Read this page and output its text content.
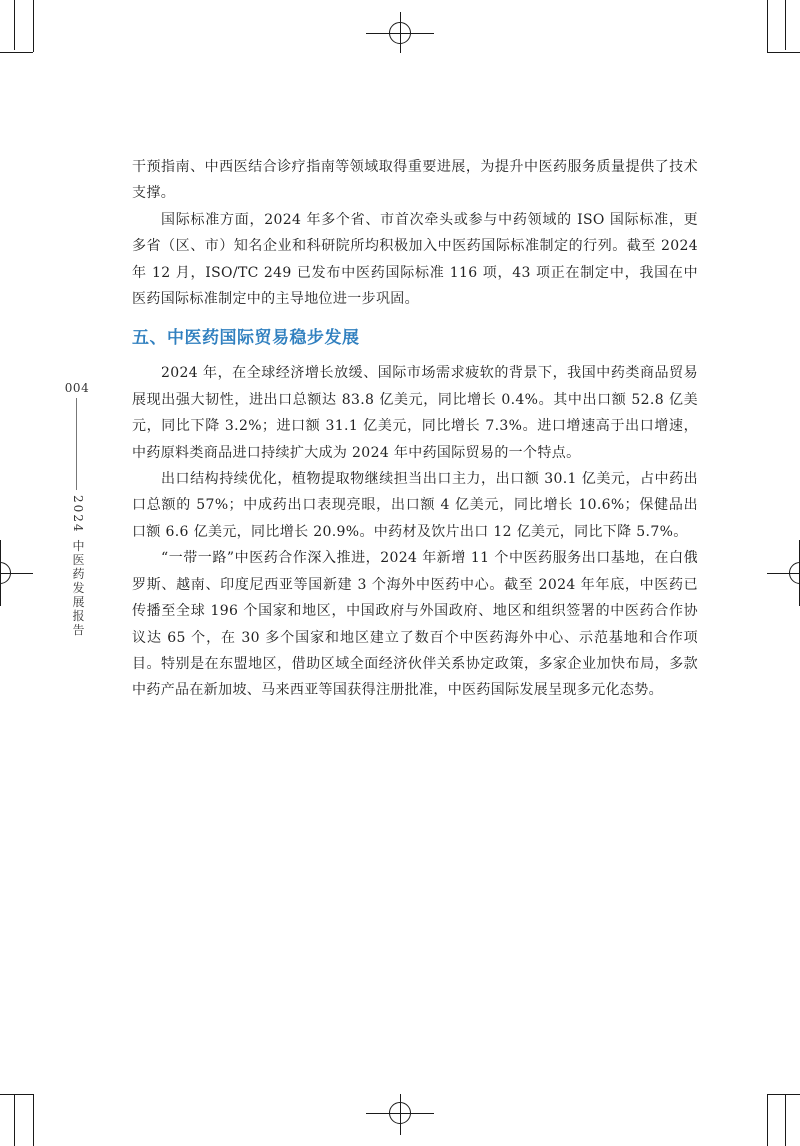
004
2024 中医药发展报告

干预指南、中西医结合诊疗指南等领域取得重要进展，为提升中医药服务质量提供了技术支撑。

国际标准方面，2024 年多个省、市首次牵头或参与中药领域的 ISO 国际标准，更多省（区、市）知名企业和科研院所均积极加入中医药国际标准制定的行列。截至 2024 年 12 月，ISO/TC 249 已发布中医药国际标准 116 项，43 项正在制定中，我国在中医药国际标准制定中的主导地位进一步巩固。

五、中医药国际贸易稳步发展

2024 年，在全球经济增长放缓、国际市场需求疲软的背景下，我国中药类商品贸易展现出强大韧性，进出口总额达 83.8 亿美元，同比增长 0.4%。其中出口额 52.8 亿美元，同比下降 3.2%；进口额 31.1 亿美元，同比增长 7.3%。进口增速高于出口增速，中药原料类商品进口持续扩大成为 2024 年中药国际贸易的一个特点。

出口结构持续优化，植物提取物继续担当出口主力，出口额 30.1 亿美元，占中药出口总额的 57%；中成药出口表现亮眼，出口额 4 亿美元，同比增长 10.6%；保健品出口额 6.6 亿美元，同比增长 20.9%。中药材及饮片出口 12 亿美元，同比下降 5.7%。

“一带一路”中医药合作深入推进，2024 年新增 11 个中医药服务出口基地，在白俄罗斯、越南、印度尼西亚等国新建 3 个海外中医药中心。截至 2024 年年底，中医药已传播至全球 196 个国家和地区，中国政府与外国政府、地区和组织签署的中医药合作协议达 65 个，在 30 多个国家和地区建立了数百个中医药海外中心、示范基地和合作项目。特别是在东盟地区，借助区域全面经济伙伴关系协定政策，多家企业加快布局，多款中药产品在新加坡、马来西亚等国获得注册批准，中医药国际发展呈现多元化态势。
